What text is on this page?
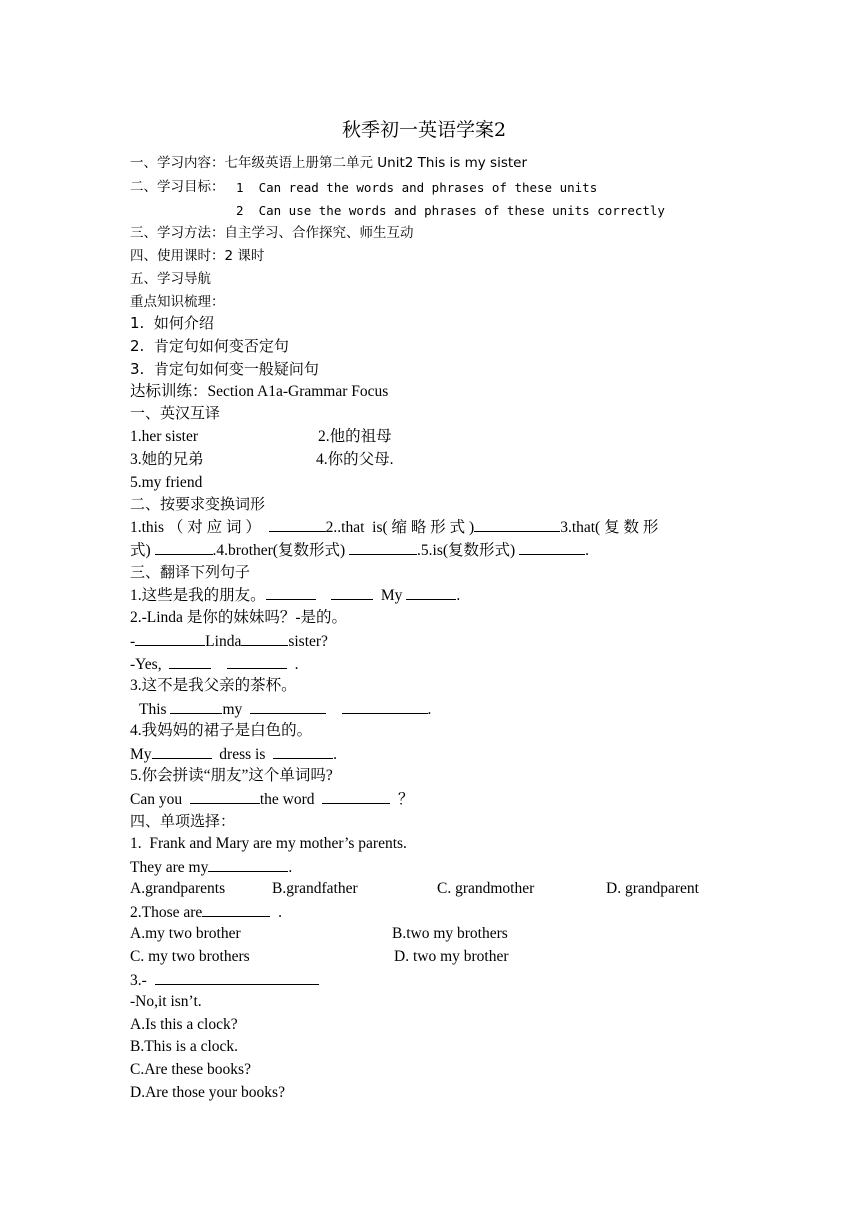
秋季初一英语学案2
一、学习内容：七年级英语上册第二单元 Unit2 This is my sister
二、学习目标： 1  Can read the words and phrases of these units
2  Can use the words and phrases of these units correctly
三、学习方法：自主学习、合作探究、师生互动
四、使用课时：2 课时
五、学习导航
重点知识梳理：
1.  如何介绍
2.  肯定句如何变否定句
3.  肯定句如何变一般疑问句
达标训练：Section A1a-Grammar Focus
一、英汉互译
1.her sister	2.他的祖母
3.她的兄弟	4.你的父母.
5.my friend
二、按要求变换词形
1.this （ 对 应 词 ）	2..that  is( 缩 略 形 式 )	3.that( 复 数 形
式)	.4.brother(复数形式)	.5.is(复数形式)	.
三、翻译下列句子
1.这些是我的朋友。	My	.
2.-Linda 是你的妹妹吗？-是的。
-	Linda	sister?
-Yes,	.
3.这不是我父亲的茶杯。
This	my	.
4.我妈妈的裙子是白色的。
My	dress is	.
5.你会拼读“朋友”这个单词吗?
Can you	the word	？
四、单项选择：
1.  Frank and Mary are my mother’s parents.
They are my	.
A.grandparents	B.grandfather	C. grandmother	D. grandparent
2.Those are	.
A.my two brother	B.two my brothers
C. my two brothers	D. two my brother
3.-
-No,it isn’t.
A.Is this a clock?
B.This is a clock.
C.Are these books?
D.Are those your books?
